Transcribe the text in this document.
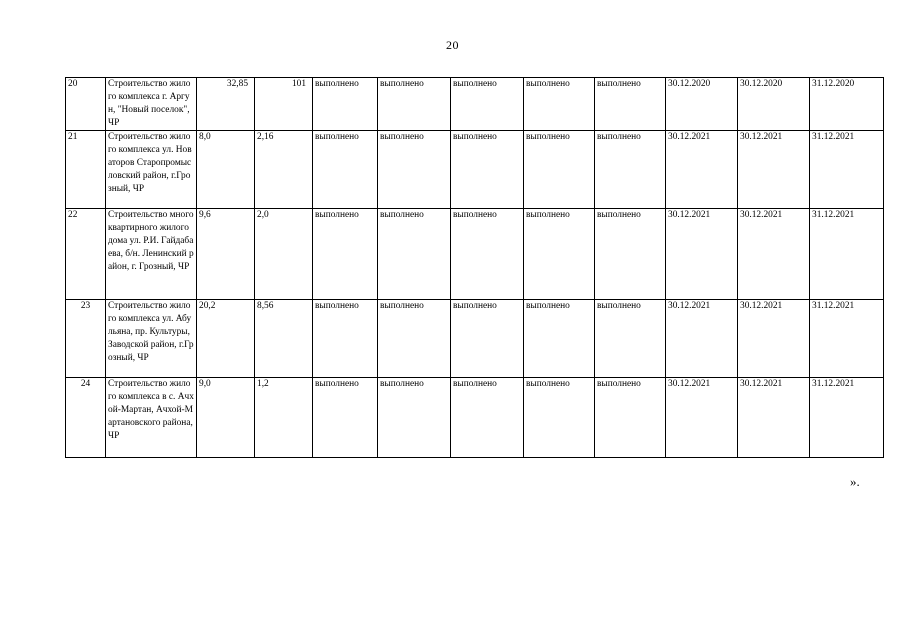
20
20	Строительство жилого комплекса г. Аргун, "Новый поселок", ЧР	32,85	101	выполнено	выполнено	выполнено	выполнено	выполнено	30.12.2020	30.12.2020	31.12.2020
21	Строительство жилого комплекса ул. Новаторов Старопромысловский район, г.Грозный, ЧР	8,0	2,16	выполнено	выполнено	выполнено	выполнено	выполнено	30.12.2021	30.12.2021	31.12.2021
22	Строительство многоквартирного жилого дома ул. Р.И. Гайдабаева, б/н. Ленинский район, г. Грозный, ЧР	9,6	2,0	выполнено	выполнено	выполнено	выполнено	выполнено	30.12.2021	30.12.2021	31.12.2021
23	Строительство жилого комплекса ул. Абульяна, пр. Культуры, Заводской район, г.Грозный, ЧР	20,2	8,56	выполнено	выполнено	выполнено	выполнено	выполнено	30.12.2021	30.12.2021	31.12.2021
24	Строительство жилого комплекса в с. Ачхой-Мартан, Ачхой-Мартановского района, ЧР	9,0	1,2	выполнено	выполнено	выполнено	выполнено	выполнено	30.12.2021	30.12.2021	31.12.2021
».
